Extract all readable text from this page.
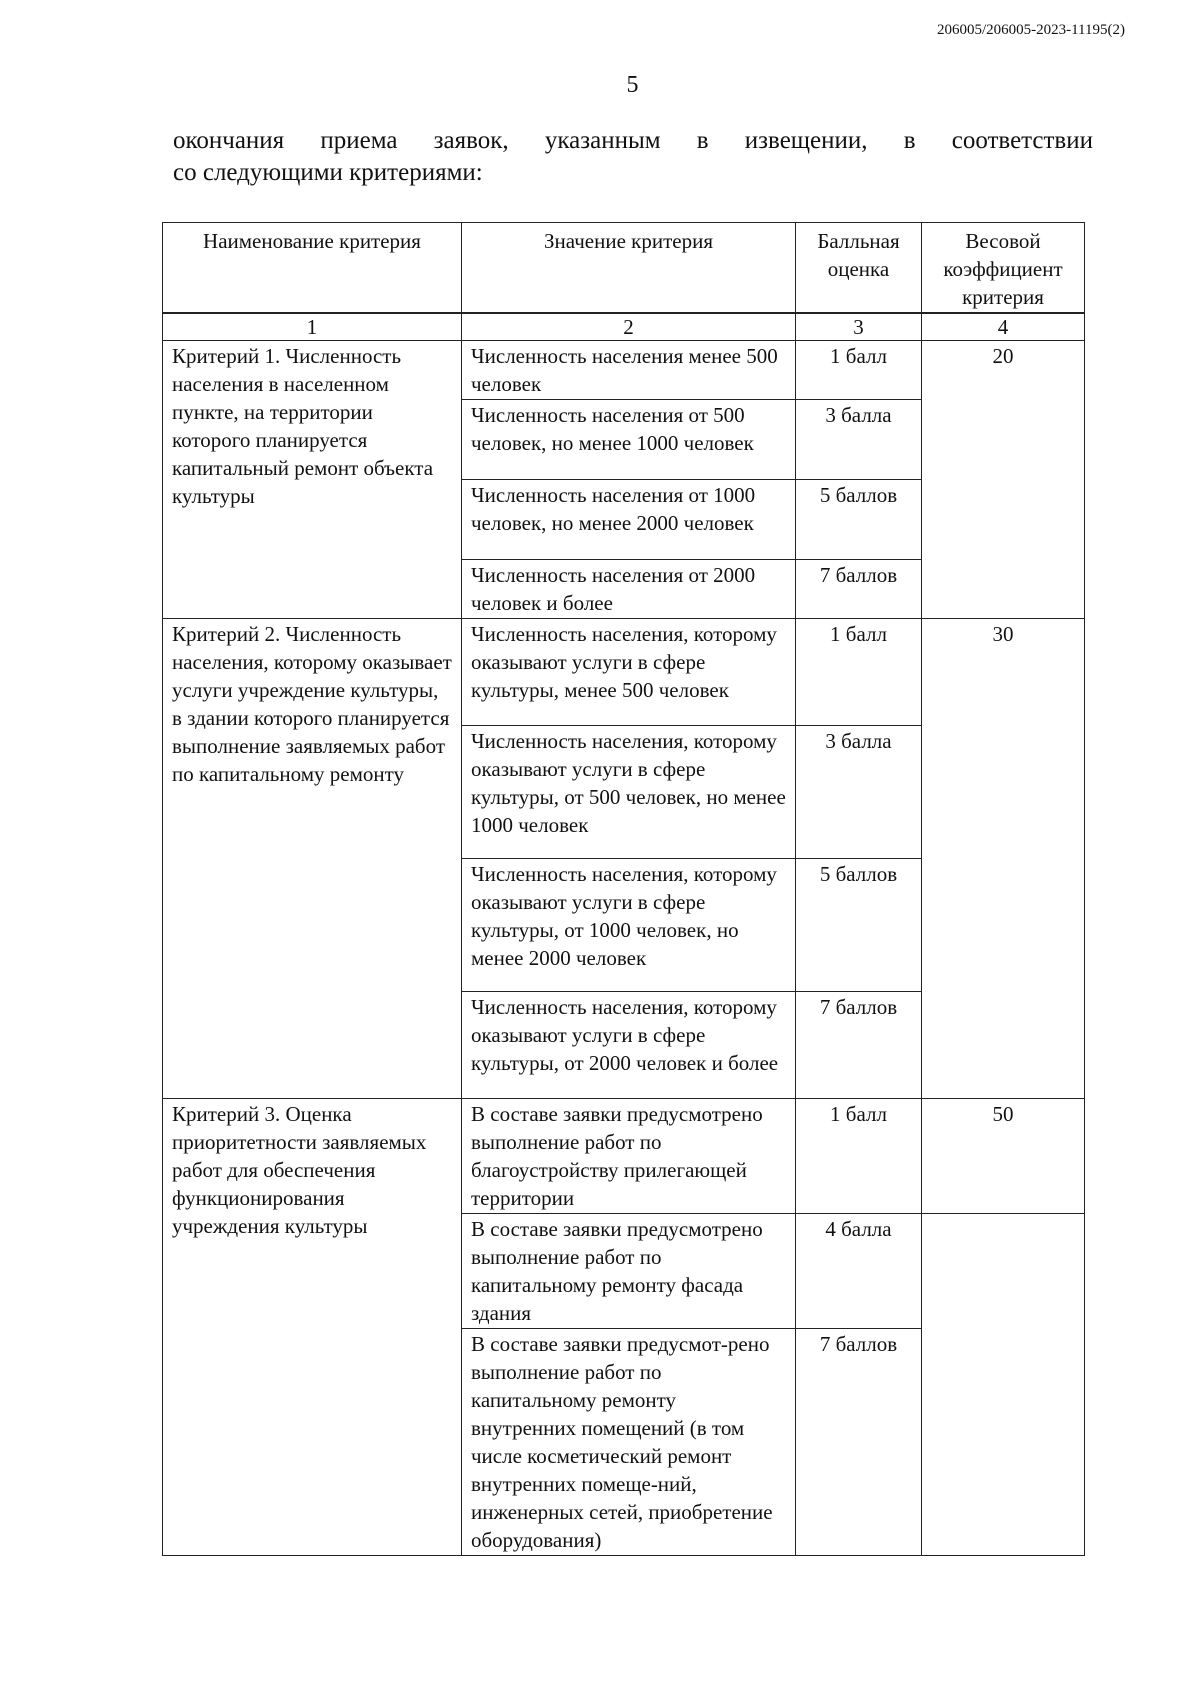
206005/206005-2023-11195(2)
5
окончания приема заявок, указанным в извещении, в соответствии
со следующими критериями:
Наименование критерия	Значение критерия	Балльная оценка	Весовой коэффициент критерия
1	2	3	4
Критерий 1. Численность населения в населенном пункте, на территории которого планируется капитальный ремонт объекта культуры	Численность населения менее 500 человек	1 балл	20
	Численность населения от 500 человек, но менее 1000 человек	3 балла	
	Численность населения от 1000 человек, но менее 2000 человек	5 баллов	
	Численность населения от 2000 человек и более	7 баллов	
Критерий 2. Численность населения, которому оказывает услуги учреждение культуры, в здании которого планируется выполнение заявляемых работ по капитальному ремонту	Численность населения, которому оказывают услуги в сфере культуры, менее 500 человек	1 балл	30
	Численность населения, которому оказывают услуги в сфере культуры, от 500 человек, но менее 1000 человек	3 балла	
	Численность населения, которому оказывают услуги в сфере культуры, от 1000 человек, но менее 2000 человек	5 баллов	
	Численность населения, которому оказывают услуги в сфере культуры, от 2000 человек и более	7 баллов	
Критерий 3. Оценка приоритетности заявляемых работ для обеспечения функционирования учреждения культуры	В составе заявки предусмотрено выполнение работ по благоустройству прилегающей территории	1 балл	50
	В составе заявки предусмотрено выполнение работ по капитальному ремонту фасада здания	4 балла	
	В составе заявки предусмот-рено выполнение работ по капитальному ремонту внутренних помещений (в том числе косметический ремонт внутренних помеще-ний, инженерных сетей, приобретение оборудования)	7 баллов	
